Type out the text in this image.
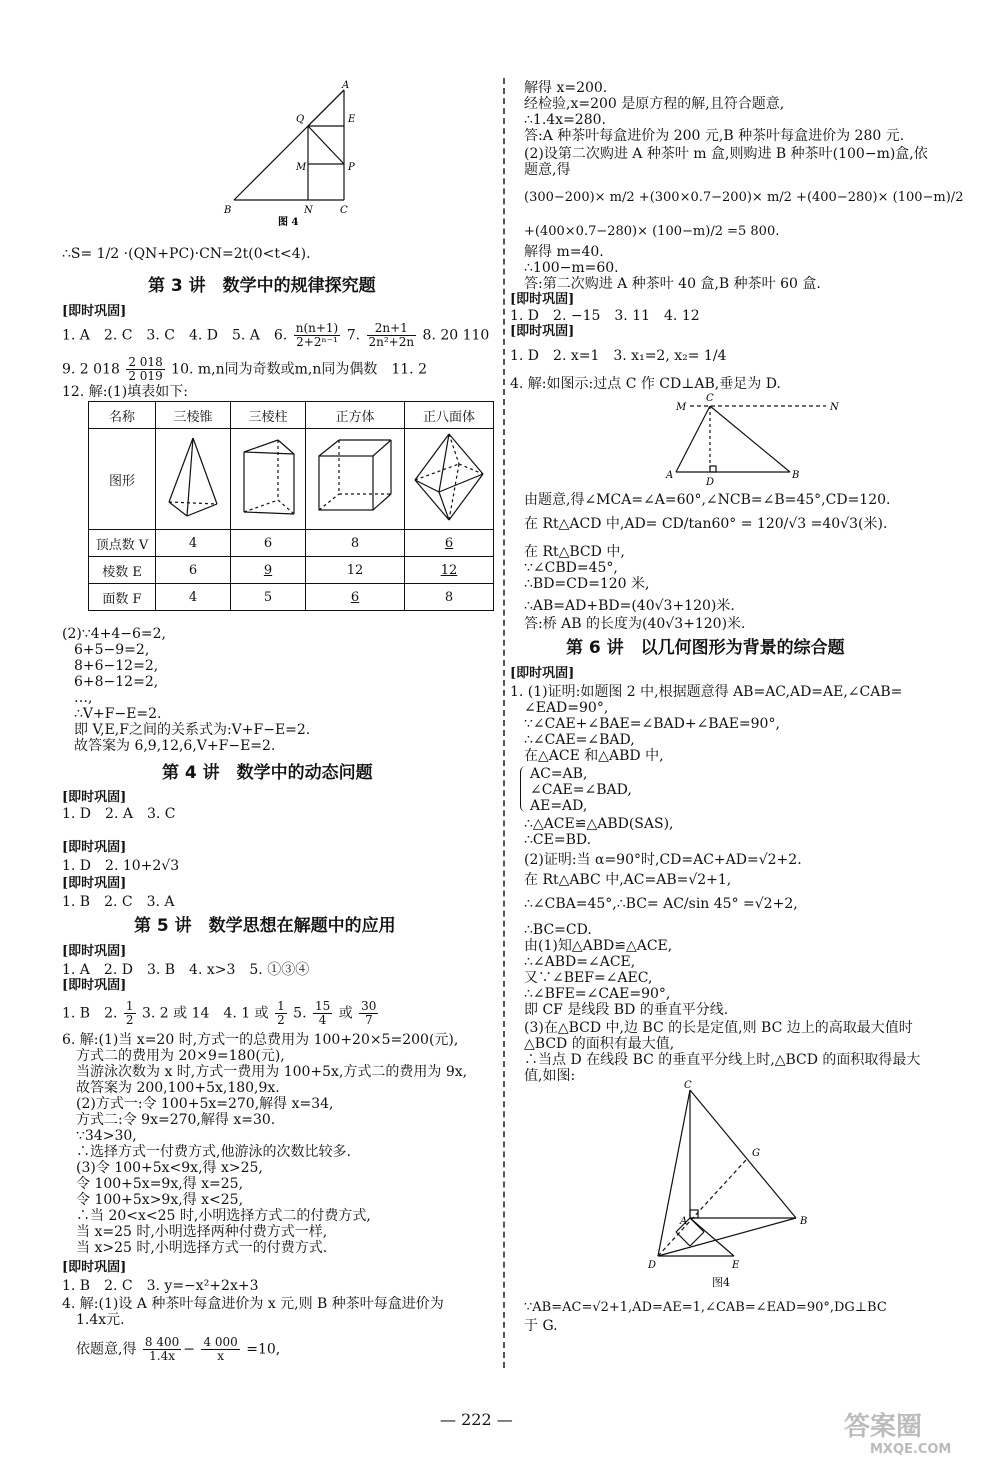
A
Q	E
M	P
B	N	C
图 4
∴S= 1/2 ·(QN+PC)·CN=2t(0<t<4).
第 3 讲　数学中的规律探究题
[即时巩固]
1. A　2. C　3. C　4. D　5. A　6. $\frac{n(n+1)}{\text{2+2ⁿ⁻¹}} 7$. $\frac{2n+1}{\text{2n²+2n}} 8$. 20 110
9. 2 $018 \frac{2 018}{2 019} 10$. m,n同为奇数或m,n同为偶数　11. 2
12. 解:(1)填表如下:
名称	三棱锥	三棱柱	正方体	正八面体
图形				
顶点数 V	4	6	8	6
棱数 E	6	9	12	12
面数 F	4	5	6	8
(2)∵4+4−6=2,
6+5−9=2,
8+6−12=2,
6+8−12=2,
…,
∴V+F−E=2.
即 V,E,F之间的关系式为:V+F−E=2.
故答案为 6,9,12,6,V+F−E=2.
第 4 讲　数学中的动态问题
[即时巩固]
1. D　2. A　3. C
[即时巩固]
1. D　2. 10+2√3
[即时巩固]
1. B　2. C　3. A
第 5 讲　数学思想在解题中的应用
[即时巩固]
1. A　2. D　3. B　4. x>3　5. ①③④
[即时巩固]
1. B　2. $\frac{1}{2} 3$. 2 或 14　4. 1 或 $\frac{1}{2} 5$. $\frac{15}{4}$ 或 $\frac{30}{7}$
6. 解:(1)当 x=20 时,方式一的总费用为 100+20×5=200(元),
方式二的费用为 20×9=180(元),
当游泳次数为 x 时,方式一费用为 100+5x,方式二的费用为 9x,
故答案为 200,100+5x,180,9x.
(2)方式一:令 100+5x=270,解得 x=34,
方式二:令 9x=270,解得 x=30.
∵34>30,
∴选择方式一付费方式,他游泳的次数比较多.
(3)令 100+5x<9x,得 x>25,
令 100+5x=9x,得 x=25,
令 100+5x>9x,得 x<25,
∴当 20<x<25 时,小明选择方式二的付费方式,
当 x=25 时,小明选择两种付费方式一样,
当 x>25 时,小明选择方式一的付费方式.
[即时巩固]
1. B　2. C　3. y=−x²+2x+3
4. 解:(1)设 A 种茶叶每盒进价为 x 元,则 B 种茶叶每盒进价为
1.4x元.
依题意,得 $\frac{8 400}{1.4x} - \frac{4 000}{x} =10$,
解得 x=200.
经检验,x=200 是原方程的解,且符合题意,
∴1.4x=280.
答:A 种茶叶每盒进价为 200 元,B 种茶叶每盒进价为 280 元.
(2)设第二次购进 A 种茶叶 m 盒,则购进 B 种茶叶(100−m)盒,依
题意,得
(300−200)× m/2 +(300×0.7−200)× m/2 +(400−280)× (100−m)/2
+(400×0.7−280)× (100−m)/2 =5 800.
解得 m=40.
∴100−m=60.
答:第二次购进 A 种茶叶 40 盒,B 种茶叶 60 盒.
[即时巩固]
1. D　2. −15　3. 11　4. 12
[即时巩固]
1. D　2. x=1　3. x₁=2, x₂= 1/4
4. 解:如图示:过点 C 作 CD⊥AB,垂足为 D.
M
C
N
A
D
B
由题意,得∠MCA=∠A=60°,∠NCB=∠B=45°,CD=120.
在 Rt△ACD 中,AD= CD/tan60° = 120/√3 =40√3(米).
在 Rt△BCD 中,
∵∠CBD=45°,
∴BD=CD=120 米,
∴AB=AD+BD=(40√3+120)米.
答:桥 AB 的长度为(40√3+120)米.
第 6 讲　以几何图形为背景的综合题
[即时巩固]
1. (1)证明:如题图 2 中,根据题意得 AB=AC,AD=AE,∠CAB=
∠EAD=90°,
∵∠CAE+∠BAE=∠BAD+∠BAE=90°,
∴∠CAE=∠BAD,
在△ACE 和△ABD 中,
AC=AB,
∠CAE=∠BAD,
AE=AD,
∴△ACE≌△ABD(SAS),
∴CE=BD.
(2)证明:当 α=90°时,CD=AC+AD=√2+2.
在 Rt△ABC 中,AC=AB=√2+1,
∴∠CBA=45°,∴BC= AC/sin 45° =√2+2,
∴BC=CD.
由(1)知△ABD≌△ACE,
∴∠ABD=∠ACE,
又∵∠BEF=∠AEC,
∴∠BFE=∠CAE=90°,
即 CF 是线段 BD 的垂直平分线.
(3)在△BCD 中,边 BC 的长是定值,则 BC 边上的高取最大值时
△BCD 的面积有最大值,
∴当点 D 在线段 BC 的垂直平分线上时,△BCD 的面积取得最大
值,如图:
C
G
A	B
D	E
图4
∵AB=AC=√2+1,AD=AE=1,∠CAB=∠EAD=90°,DG⊥BC
于 G.
— 222 —	答案圈
MXQE.COM
